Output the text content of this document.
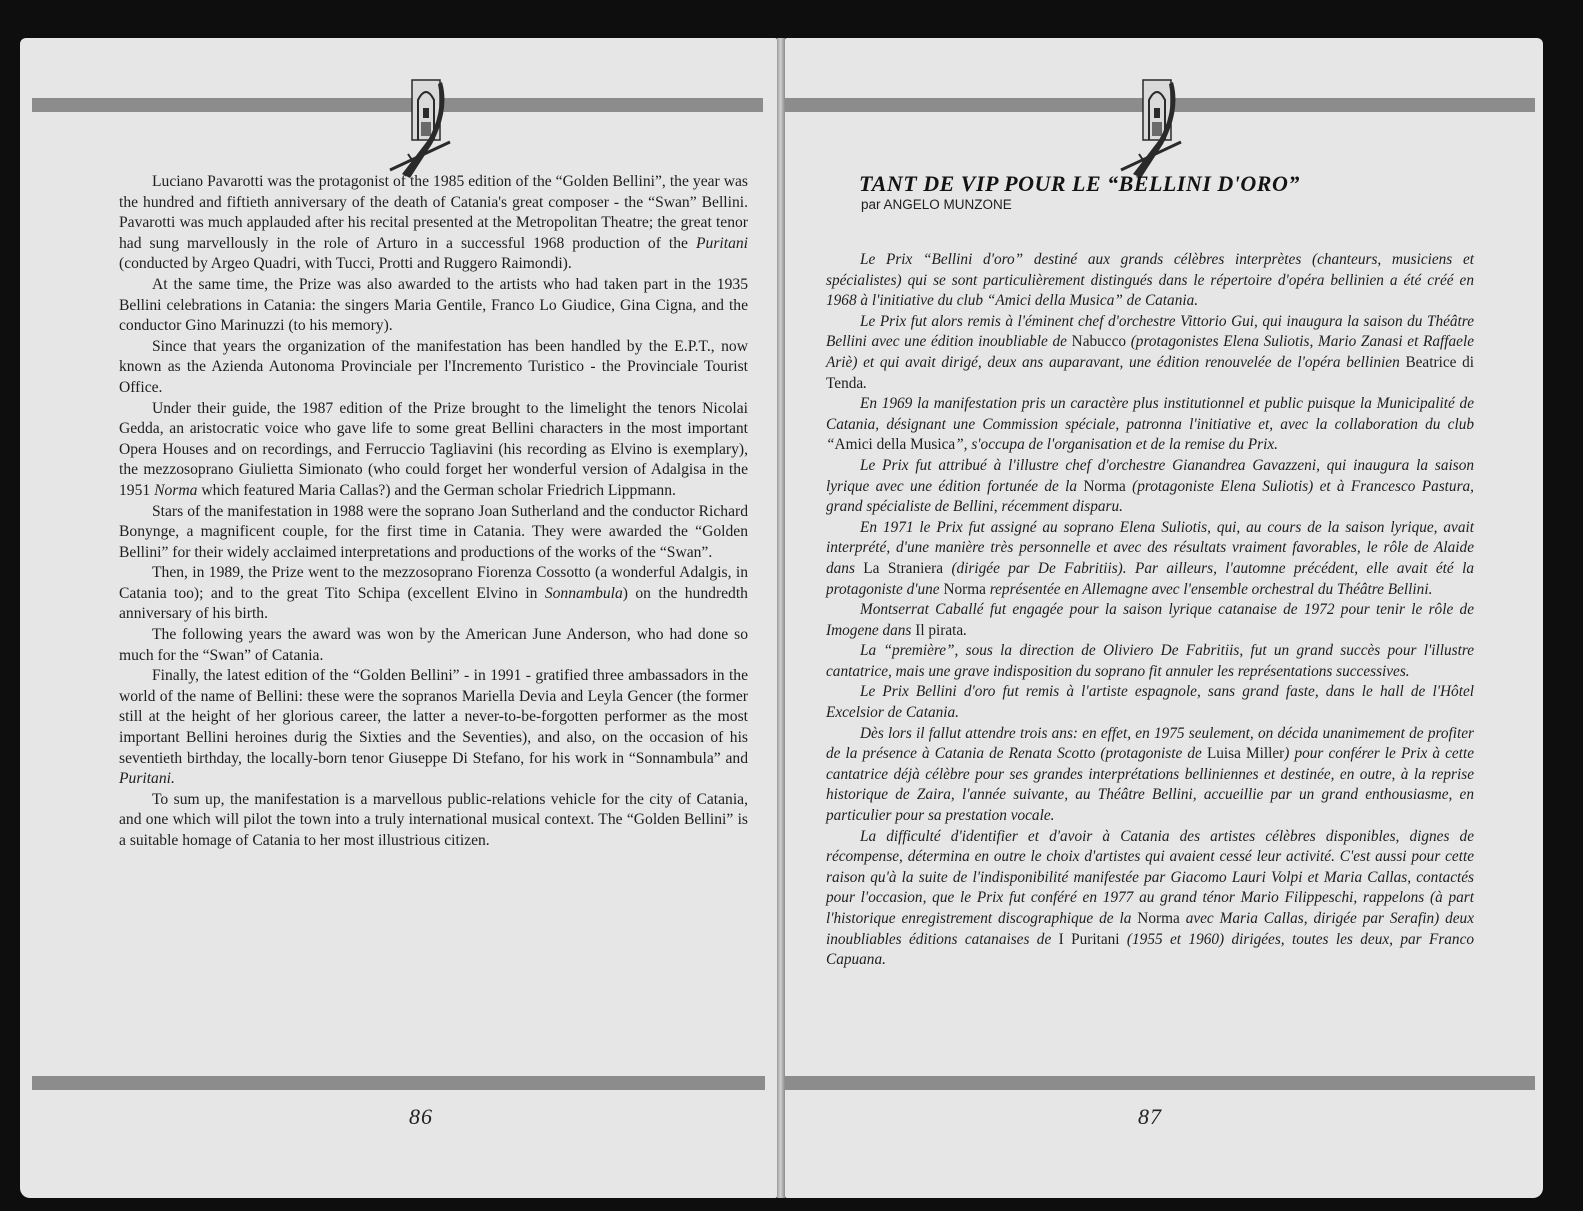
Luciano Pavarotti was the protagonist of the 1985 edition of the “Golden Bellini”, the year was the hundred and fiftieth anniversary of the death of Catania's great composer - the “Swan” Bellini. Pavarotti was much applauded after his recital presented at the Metropolitan Theatre; the great tenor had sung marvellously in the role of Arturo in a successful 1968 production of the Puritani (conducted by Argeo Quadri, with Tucci, Protti and Ruggero Raimondi).

At the same time, the Prize was also awarded to the artists who had taken part in the 1935 Bellini celebrations in Catania: the singers Maria Gentile, Franco Lo Giudice, Gina Cigna, and the conductor Gino Marinuzzi (to his memory).

Since that years the organization of the manifestation has been handled by the E.P.T., now known as the Azienda Autonoma Provinciale per l'Incremento Turistico - the Provinciale Tourist Office.

Under their guide, the 1987 edition of the Prize brought to the limelight the tenors Nicolai Gedda, an aristocratic voice who gave life to some great Bellini characters in the most important Opera Houses and on recordings, and Ferruccio Tagliavini (his recording as Elvino is exemplary), the mezzosoprano Giulietta Simionato (who could forget her wonderful version of Adalgisa in the 1951 Norma which featured Maria Callas?) and the German scholar Friedrich Lippmann.

Stars of the manifestation in 1988 were the soprano Joan Sutherland and the conductor Richard Bonynge, a magnificent couple, for the first time in Catania. They were awarded the “Golden Bellini” for their widely acclaimed interpretations and productions of the works of the “Swan”.

Then, in 1989, the Prize went to the mezzosoprano Fiorenza Cossotto (a wonderful Adalgis, in Catania too); and to the great Tito Schipa (excellent Elvino in Sonnambula) on the hundredth anniversary of his birth.

The following years the award was won by the American June Anderson, who had done so much for the “Swan” of Catania.

Finally, the latest edition of the “Golden Bellini” - in 1991 - gratified three ambassadors in the world of the name of Bellini: these were the sopranos Mariella Devia and Leyla Gencer (the former still at the height of her glorious career, the latter a never-to-be-forgotten performer as the most important Bellini heroines durig the Sixties and the Seventies), and also, on the occasion of his seventieth birthday, the locally-born tenor Giuseppe Di Stefano, for his work in “Sonnambula” and Puritani.

To sum up, the manifestation is a marvellous public-relations vehicle for the city of Catania, and one which will pilot the town into a truly international musical context. The “Golden Bellini” is a suitable homage of Catania to her most illustrious citizen.

86
TANT DE VIP POUR LE “BELLINI D'ORO”
par ANGELO MUNZONE

Le Prix “Bellini d'oro” destiné aux grands célèbres interprètes (chanteurs, musiciens et spécialistes) qui se sont particulièrement distingués dans le répertoire d'opéra bellinien a été créé en 1968 à l'initiative du club “Amici della Musica” de Catania.

Le Prix fut alors remis à l'éminent chef d'orchestre Vittorio Gui, qui inaugura la saison du Théâtre Bellini avec une édition inoubliable de Nabucco (protagonistes Elena Suliotis, Mario Zanasi et Raffaele Ariè) et qui avait dirigé, deux ans auparavant, une édition renouvelée de l'opéra bellinien Beatrice di Tenda.

En 1969 la manifestation pris un caractère plus institutionnel et public puisque la Municipalité de Catania, désignant une Commission spéciale, patronna l'initiative et, avec la collaboration du club “Amici della Musica”, s'occupa de l'organisation et de la remise du Prix.

Le Prix fut attribué à l'illustre chef d'orchestre Gianandrea Gavazzeni, qui inaugura la saison lyrique avec une édition fortunée de la Norma (protagoniste Elena Suliotis) et à Francesco Pastura, grand spécialiste de Bellini, récemment disparu.

En 1971 le Prix fut assigné au soprano Elena Suliotis, qui, au cours de la saison lyrique, avait interprété, d'une manière très personnelle et avec des résultats vraiment favorables, le rôle de Alaide dans La Straniera (dirigée par De Fabritiis). Par ailleurs, l'automne précédent, elle avait été la protagoniste d'une Norma représentée en Allemagne avec l'ensemble orchestral du Théâtre Bellini.

Montserrat Caballé fut engagée pour la saison lyrique catanaise de 1972 pour tenir le rôle de Imogene dans Il pirata.

La “première”, sous la direction de Oliviero De Fabritiis, fut un grand succès pour l'illustre cantatrice, mais une grave indisposition du soprano fit annuler les représentations successives.

Le Prix Bellini d'oro fut remis à l'artiste espagnole, sans grand faste, dans le hall de l'Hôtel Excelsior de Catania.

Dès lors il fallut attendre trois ans: en effet, en 1975 seulement, on décida unanimement de profiter de la présence à Catania de Renata Scotto (protagoniste de Luisa Miller) pour conférer le Prix à cette cantatrice déjà célèbre pour ses grandes interprétations belliniennes et destinée, en outre, à la reprise historique de Zaira, l'année suivante, au Théâtre Bellini, accueillie par un grand enthousiasme, en particulier pour sa prestation vocale.

La difficulté d'identifier et d'avoir à Catania des artistes célèbres disponibles, dignes de récompense, détermina en outre le choix d'artistes qui avaient cessé leur activité. C'est aussi pour cette raison qu'à la suite de l'indisponibilité manifestée par Giacomo Lauri Volpi et Maria Callas, contactés pour l'occasion, que le Prix fut conféré en 1977 au grand ténor Mario Filippeschi, rappelons (à part l'historique enregistrement discographique de la Norma avec Maria Callas, dirigée par Serafin) deux inoubliables éditions catanaises de I Puritani (1955 et 1960) dirigées, toutes les deux, par Franco Capuana.

87
